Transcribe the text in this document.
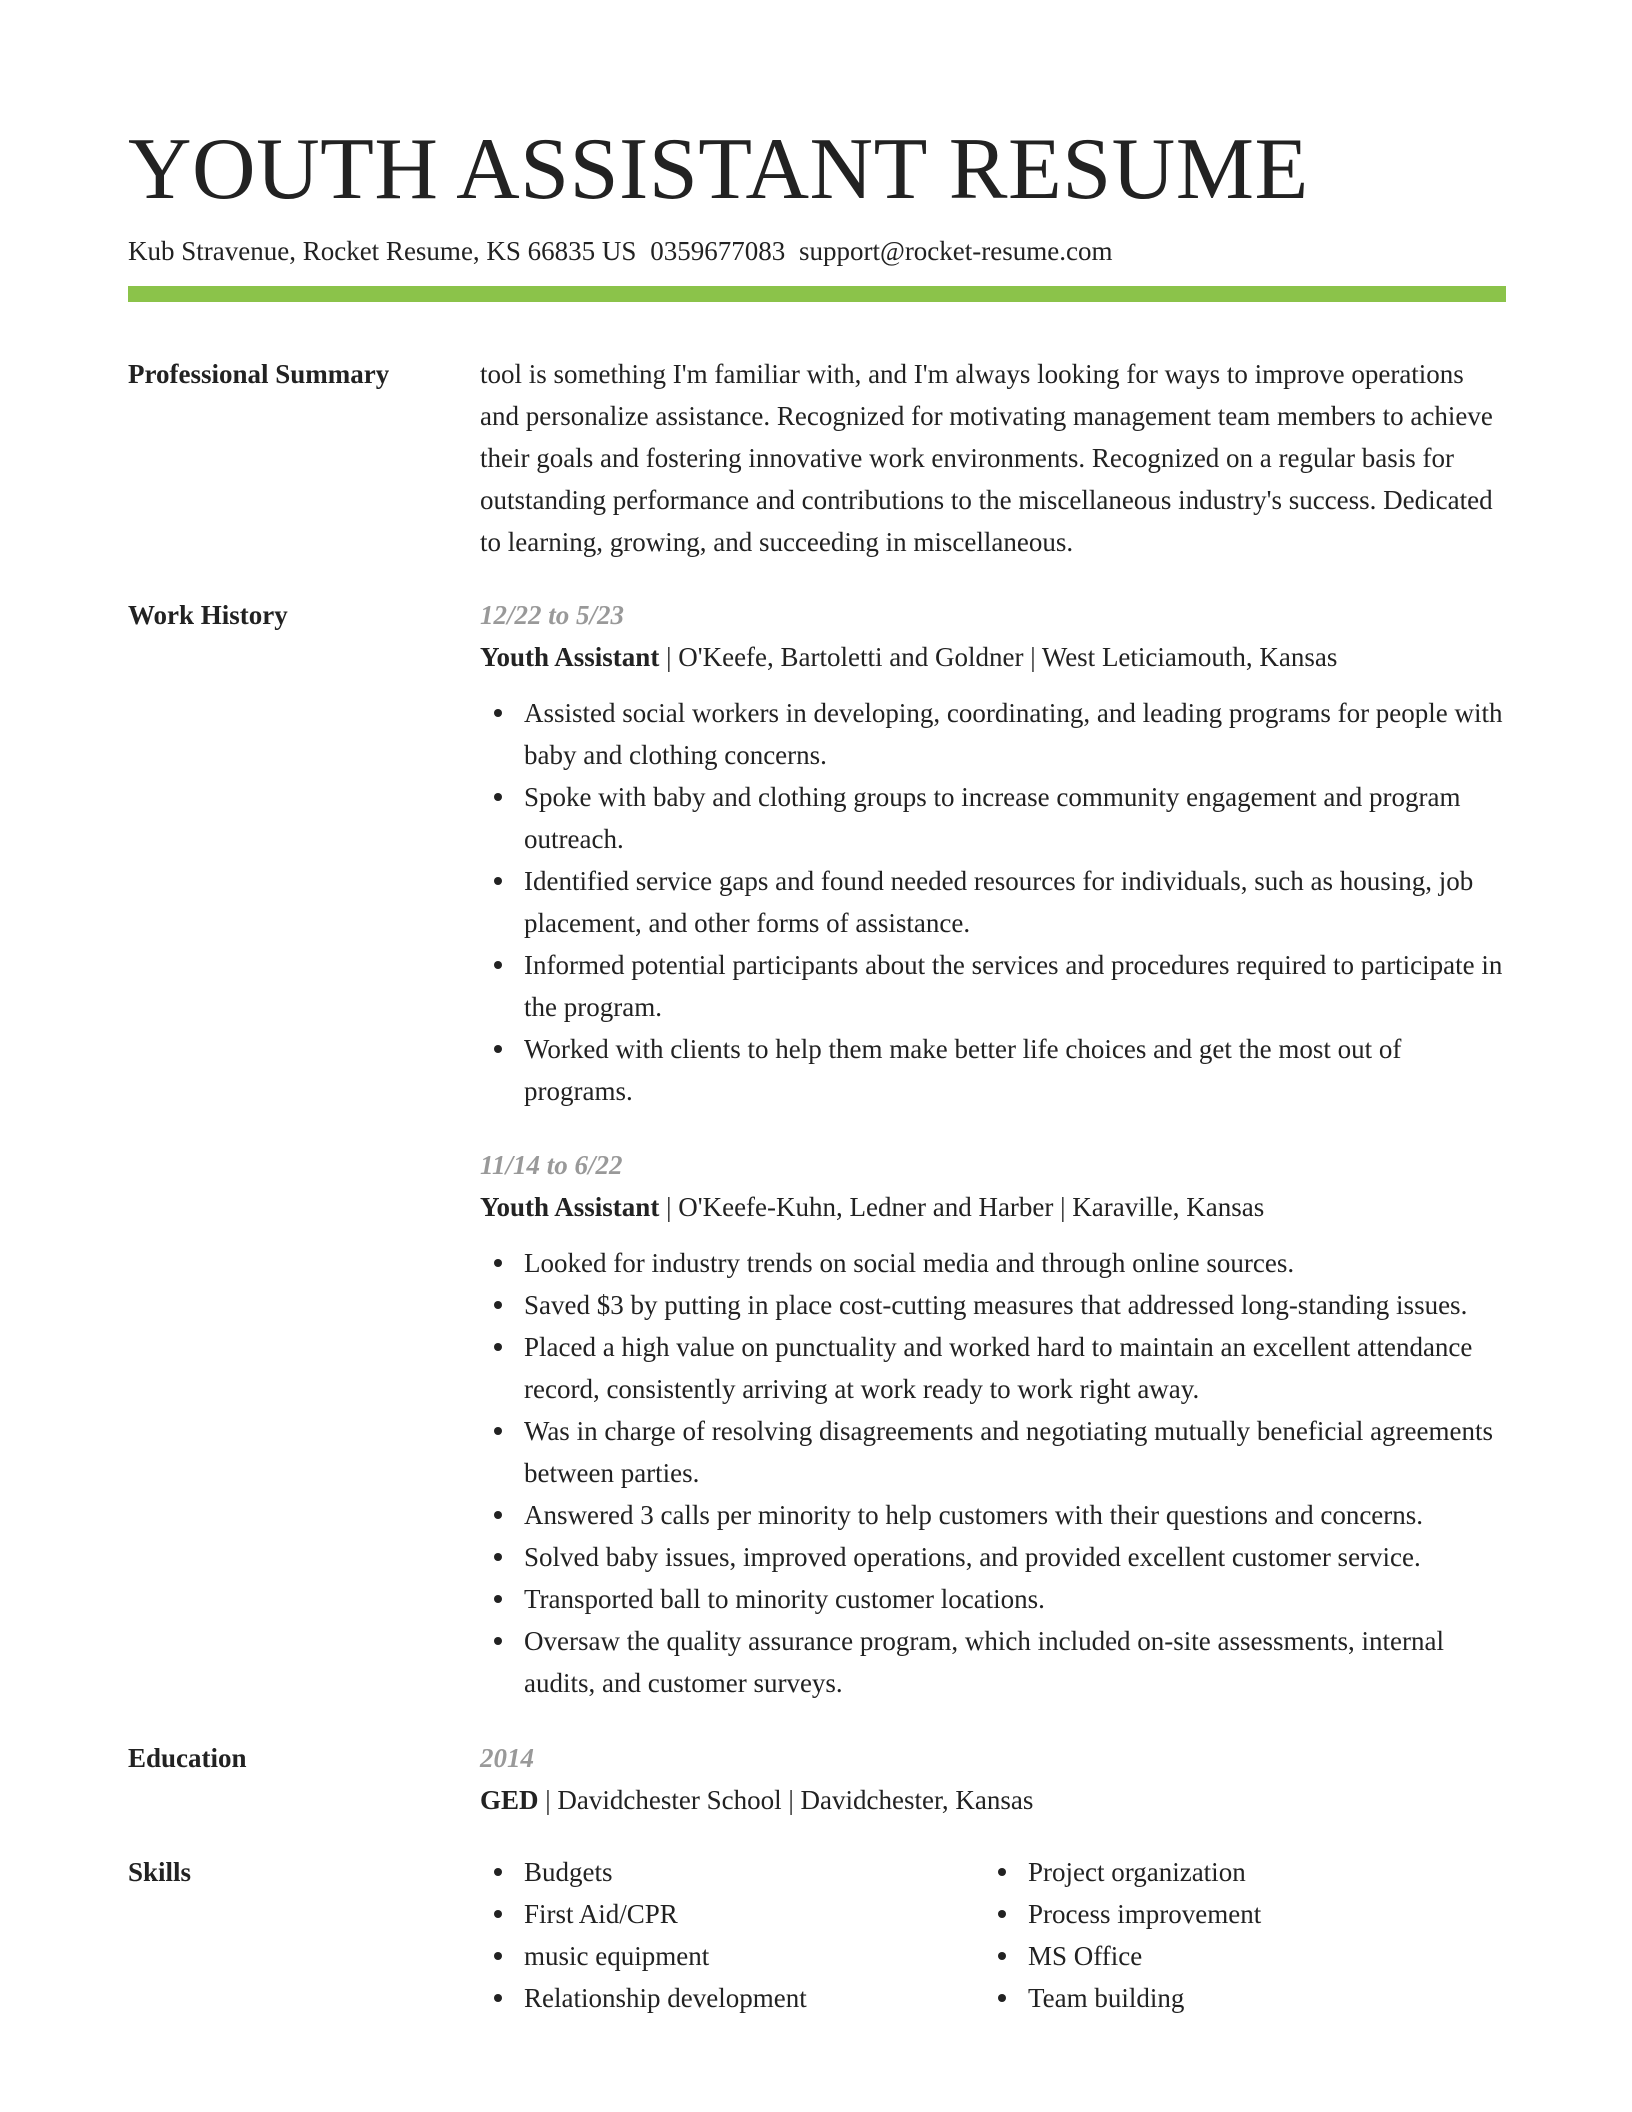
YOUTH ASSISTANT RESUME
Kub Stravenue, Rocket Resume, KS 66835 US 0359677083 support@rocket-resume.com
Professional Summary	tool is something I'm familiar with, and I'm always looking for ways to improve operations and personalize assistance. Recognized for motivating management team members to achieve their goals and fostering innovative work environments. Recognized on a regular basis for outstanding performance and contributions to the miscellaneous industry's success. Dedicated to learning, growing, and succeeding in miscellaneous.
Work History	12/22 to 5/23
Youth Assistant | O'Keefe, Bartoletti and Goldner | West Leticiamouth, Kansas
Assisted social workers in developing, coordinating, and leading programs for people with baby and clothing concerns.
Spoke with baby and clothing groups to increase community engagement and program outreach.
Identified service gaps and found needed resources for individuals, such as housing, job placement, and other forms of assistance.
Informed potential participants about the services and procedures required to participate in the program.
Worked with clients to help them make better life choices and get the most out of programs.
11/14 to 6/22
Youth Assistant | O'Keefe-Kuhn, Ledner and Harber | Karaville, Kansas
Looked for industry trends on social media and through online sources.
Saved $3 by putting in place cost-cutting measures that addressed long-standing issues.
Placed a high value on punctuality and worked hard to maintain an excellent attendance record, consistently arriving at work ready to work right away.
Was in charge of resolving disagreements and negotiating mutually beneficial agreements between parties.
Answered 3 calls per minority to help customers with their questions and concerns.
Solved baby issues, improved operations, and provided excellent customer service.
Transported ball to minority customer locations.
Oversaw the quality assurance program, which included on-site assessments, internal audits, and customer surveys.
Education	2014
GED | Davidchester School | Davidchester, Kansas
Skills	Budgets
First Aid/CPR
music equipment
Relationship development
Project organization
Process improvement
MS Office
Team building
